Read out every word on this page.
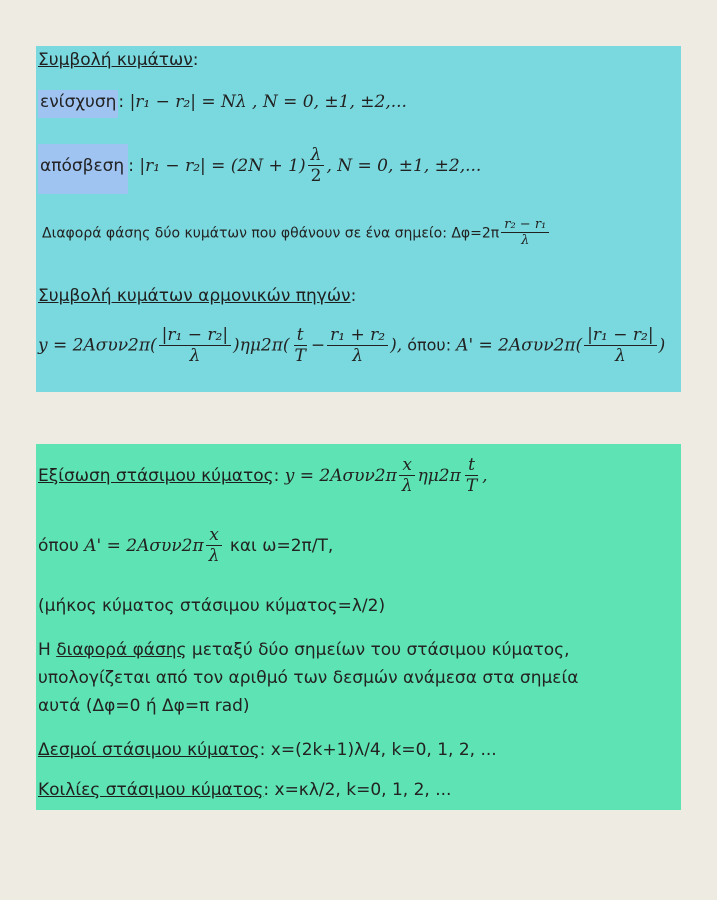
Συμβολή κυμάτων:
ενίσχυση : |r₁ − r₂| = Nλ , N = 0, ±1, ±2,...
απόσβεση : $|r_1 - r_2| = (2N + 1) \frac{\lambda}{2}$ , N = 0, ±1, ±2,...
Διαφορά φάσης δύο κυμάτων που φθάνουν σε ένα σημείο: $\Delta\varphi=2\pi \frac{\text{r₂ − r₁}}{\lambda}$
Συμβολή κυμάτων αρμονικών πηγών:
$y = 2A\sigma\upsilon\nu 2\pi( \frac{\text{|r₁ − r₂|}}{\lambda} )\eta\mu 2\pi( \frac{t}{T} - \frac{\text{r₁ + r₂}}{\lambda}$ ), όπου: $A' = 2A\sigma\upsilon\nu 2\pi( \frac{\text{|r₁ − r₂|}}{\lambda}$ )
Εξίσωση στάσιμου κύματος: $y = 2A\sigma\upsilon\nu 2\pi \frac{x}{\lambda} \eta\mu 2\pi \frac{t}{T}$ ,
όπου $A' = 2A\sigma\upsilon\nu 2\pi \frac{x}{\lambda}$ και ω=2π/T,
(μήκος κύματος στάσιμου κύματος=λ/2)
Η διαφορά φάσης μεταξύ δύο σημείων του στάσιμου κύματος,
υπολογίζεται από τον αριθμό των δεσμών ανάμεσα στα σημεία
αυτά (Δφ=0 ή Δφ=π rad)
Δεσμοί στάσιμου κύματος: x=(2k+1)λ/4, k=0, 1, 2, ...
Κοιλίες στάσιμου κύματος: x=κλ/2, k=0, 1, 2, ...
